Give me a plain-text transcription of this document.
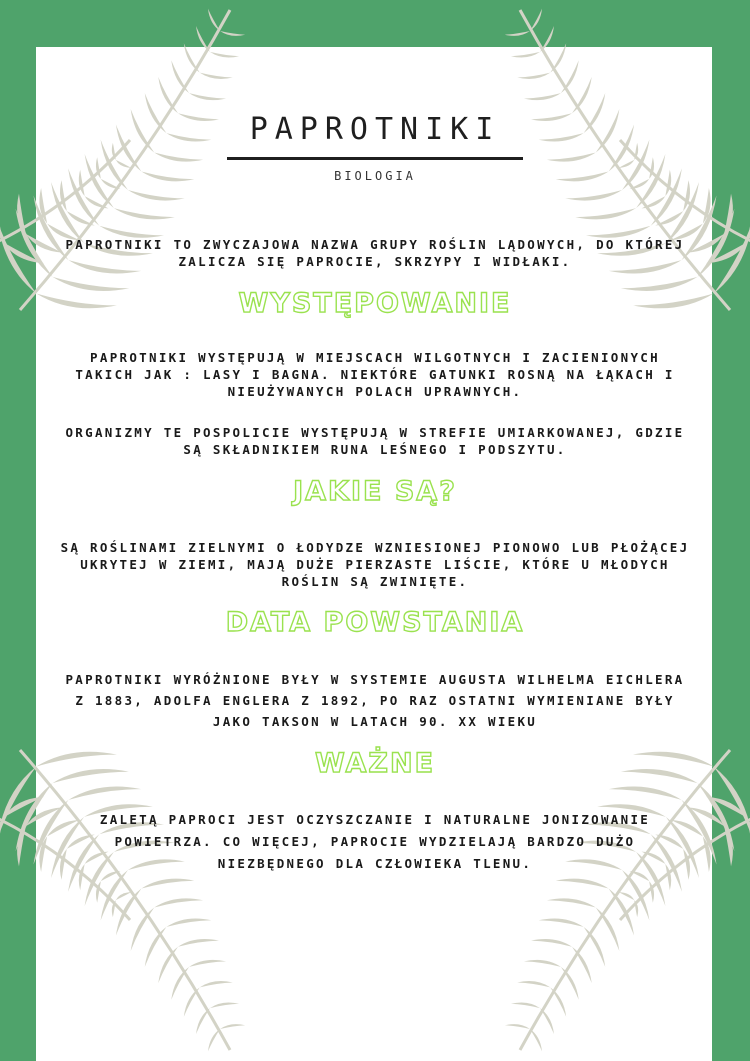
PAPROTNIKI
BIOLOGIA
PAPROTNIKI TO ZWYCZAJOWA NAZWA GRUPY ROŚLIN LĄDOWYCH, DO KTÓREJ ZALICZA SIĘ PAPROCIE, SKRZYPY I WIDŁAKI.
WYSTĘPOWANIE
PAPROTNIKI WYSTĘPUJĄ W MIEJSCACH WILGOTNYCH I ZACIENIONYCH TAKICH JAK : LASY I BAGNA. NIEKTÓRE GATUNKI ROSNĄ NA ŁĄKACH I NIEUŻYWANYCH POLACH UPRAWNYCH.
ORGANIZMY TE POSPOLICIE WYSTĘPUJĄ W STREFIE UMIARKOWANEJ, GDZIE SĄ SKŁADNIKIEM RUNA LEŚNEGO I PODSZYTU.
JAKIE SĄ?
SĄ ROŚLINAMI ZIELNYMI O ŁODYDZE WZNIESIONEJ PIONOWO LUB PŁOŻĄCEJ UKRYTEJ W ZIEMI, MAJĄ DUŻE PIERZASTE LIŚCIE, KTÓRE U MŁODYCH ROŚLIN SĄ ZWINIĘTE.
DATA POWSTANIA
PAPROTNIKI WYRÓŻNIONE BYŁY W SYSTEMIE AUGUSTA WILHELMA EICHLERA Z 1883, ADOLFA ENGLERA Z 1892, PO RAZ OSTATNI WYMIENIANE BYŁY JAKO TAKSON W LATACH 90. XX WIEKU
WAŻNE
ZALETĄ PAPROCI JEST OCZYSZCZANIE I NATURALNE JONIZOWANIE POWIETRZA. CO WIĘCEJ, PAPROCIE WYDZIELAJĄ BARDZO DUŻO NIEZBĘDNEGO DLA CZŁOWIEKA TLENU.
